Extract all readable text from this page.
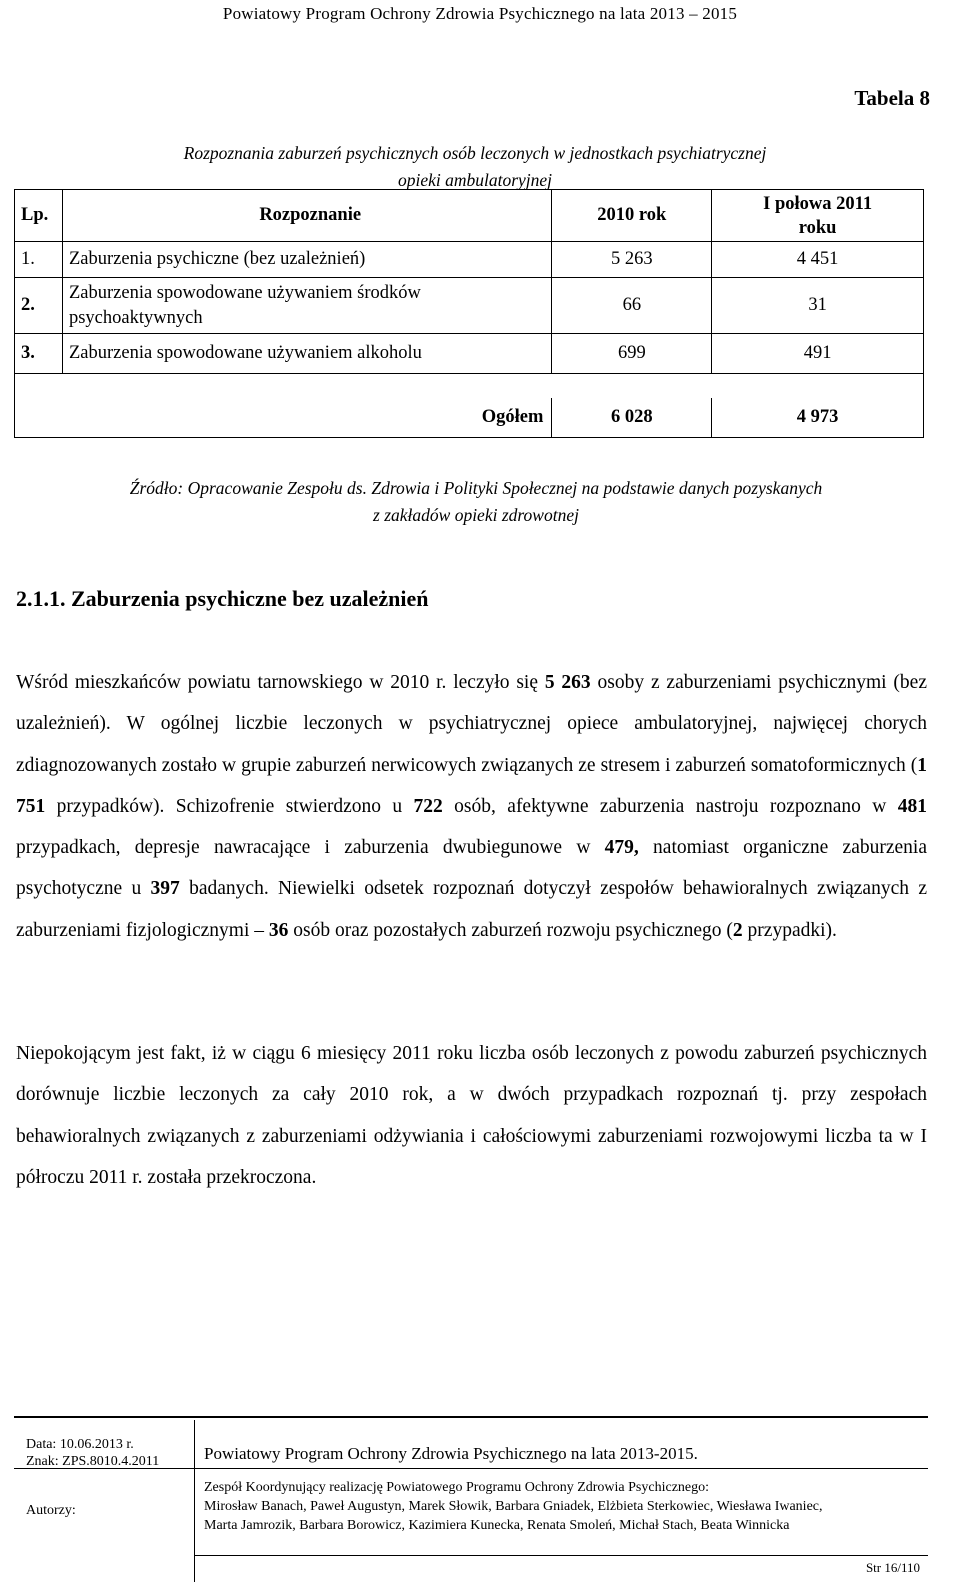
Powiatowy Program Ochrony Zdrowia Psychicznego na lata 2013 – 2015
Tabela 8
Rozpoznania zaburzeń psychicznych osób leczonych w jednostkach psychiatrycznej
opieki ambulatoryjnej
Lp.	Rozpoznanie	2010 rok	I połowa 2011
roku

1.	Zaburzenia psychiczne (bez uzależnień)	5 263	4 451
2.	Zaburzenia spowodowane używaniem środków
psychoaktywnych	66	31
3.	Zaburzenia spowodowane używaniem alkoholu	699	491

Ogółem		6 028	4 973
Źródło: Opracowanie Zespołu ds. Zdrowia i Polityki Społecznej na podstawie danych pozyskanych
z zakładów opieki zdrowotnej
2.1.1. Zaburzenia psychiczne bez uzależnień
Wśród mieszkańców powiatu tarnowskiego w 2010 r. leczyło się 5 263 osoby z zaburzeniami psychicznymi (bez uzależnień). W ogólnej liczbie leczonych w psychiatrycznej opiece ambulatoryjnej, najwięcej chorych zdiagnozowanych zostało w grupie zaburzeń nerwicowych związanych ze stresem i zaburzeń somatoformicznych (1 751 przypadków). Schizofrenie stwierdzono u 722 osób, afektywne zaburzenia nastroju rozpoznano w 481 przypadkach, depresje nawracające i zaburzenia dwubiegunowe w 479, natomiast organiczne zaburzenia psychotyczne u 397 badanych. Niewielki odsetek rozpoznań dotyczył zespołów behawioralnych związanych z zaburzeniami fizjologicznymi – 36 osób oraz pozostałych zaburzeń rozwoju psychicznego (2 przypadki).
Niepokojącym jest fakt, iż w ciągu 6 miesięcy 2011 roku liczba osób leczonych z powodu zaburzeń psychicznych dorównuje liczbie leczonych za cały 2010 rok, a w dwóch przypadkach rozpoznań tj. przy zespołach behawioralnych związanych z zaburzeniami odżywiania i całościowymi zaburzeniami rozwojowymi liczba ta w I półroczu 2011 r. została przekroczona.
Data: 10.06.2013 r.
Znak: ZPS.8010.4.2011	Powiatowy Program Ochrony Zdrowia Psychicznego na lata 2013-2015.
Autorzy:
Zespół Koordynujący realizację Powiatowego Programu Ochrony Zdrowia Psychicznego:
Mirosław Banach, Paweł Augustyn, Marek Słowik, Barbara Gniadek, Elżbieta Sterkowiec, Wiesława Iwaniec,
Marta Jamrozik, Barbara Borowicz, Kazimiera Kunecka, Renata Smoleń, Michał Stach, Beata Winnicka
Str 16/110
